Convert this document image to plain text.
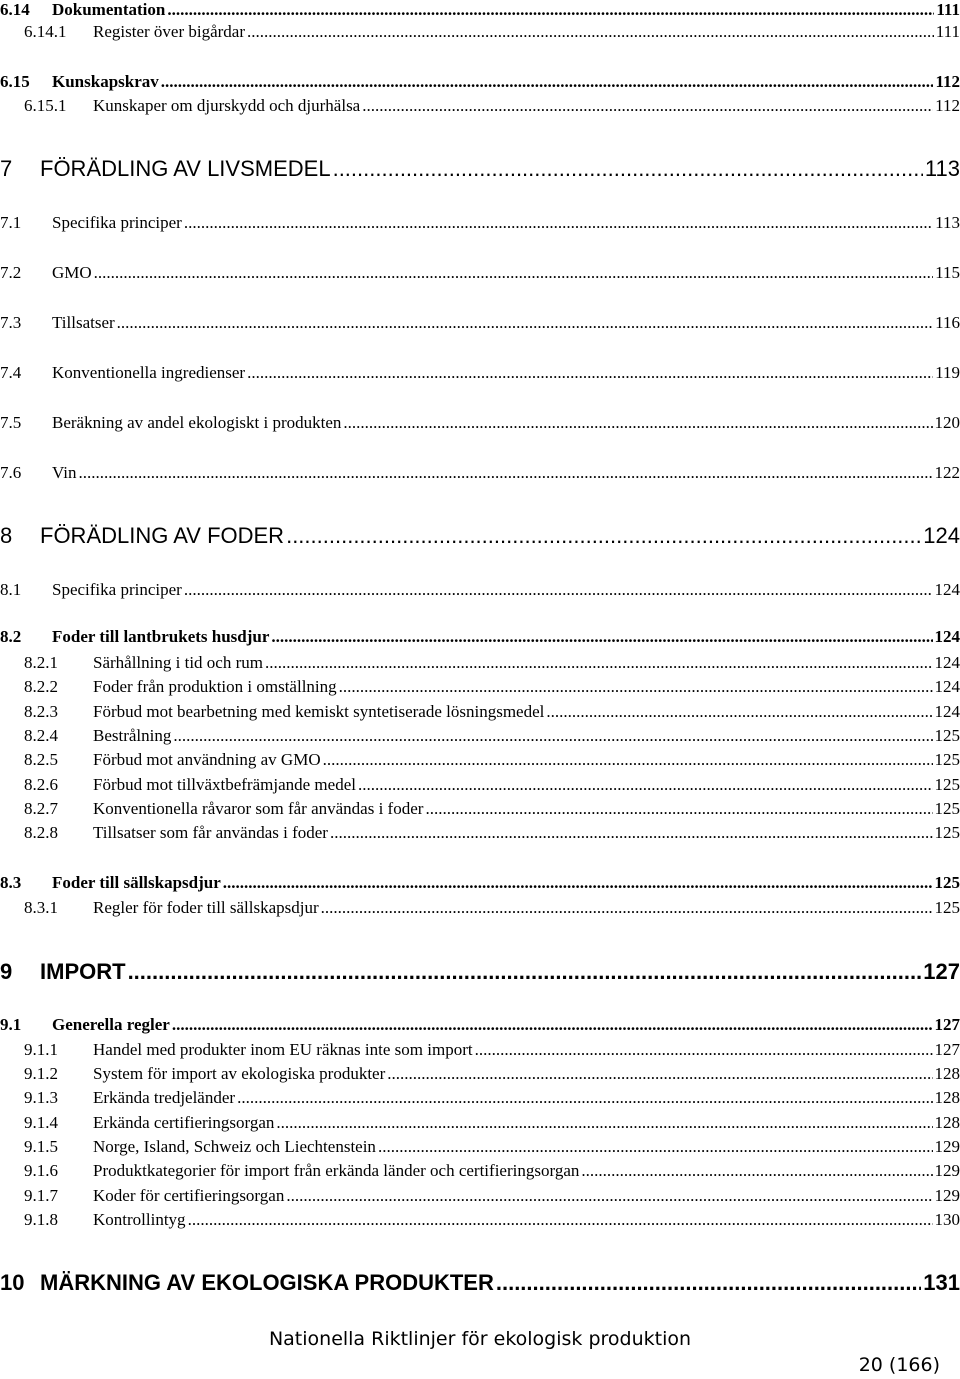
6.14 Dokumentation .....	111
6.14.1 Register över bigårdar .....	111
6.15 Kunskapskrav .....	112
6.15.1 Kunskaper om djurskydd och djurhälsa .....	112
7 FÖRÄDLING AV LIVSMEDEL .....	113
7.1 Specifika principer .....	113
7.2 GMO .....	115
7.3 Tillsatser .....	116
7.4 Konventionella ingredienser .....	119
7.5 Beräkning av andel ekologiskt i produkten .....	120
7.6 Vin .....	122
8 FÖRÄDLING AV FODER .....	124
8.1 Specifika principer .....	124
8.2 Foder till lantbrukets husdjur .....	124
8.2.1 Särhållning i tid och rum .....	124
8.2.2 Foder från produktion i omställning .....	124
8.2.3 Förbud mot bearbetning med kemiskt syntetiserade lösningsmedel .....	124
8.2.4 Bestrålning .....	125
8.2.5 Förbud mot användning av GMO .....	125
8.2.6 Förbud mot tillväxtbefrämjande medel .....	125
8.2.7 Konventionella råvaror som får användas i foder .....	125
8.2.8 Tillsatser som får användas i foder .....	125
8.3 Foder till sällskapsdjur .....	125
8.3.1 Regler för foder till sällskapsdjur .....	125
9 IMPORT .....	127
9.1 Generella regler .....	127
9.1.1 Handel med produkter inom EU räknas inte som import .....	127
9.1.2 System för import av ekologiska produkter .....	128
9.1.3 Erkända tredjeländer .....	128
9.1.4 Erkända certifieringsorgan .....	128
9.1.5 Norge, Island, Schweiz och Liechtenstein .....	129
9.1.6 Produktkategorier för import från erkända länder och certifieringsorgan .....	129
9.1.7 Koder för certifieringsorgan .....	129
9.1.8 Kontrollintyg .....	130
10 MÄRKNING AV EKOLOGISKA PRODUKTER .....	131
Nationella Riktlinjer för ekologisk produktion
20 (166)
